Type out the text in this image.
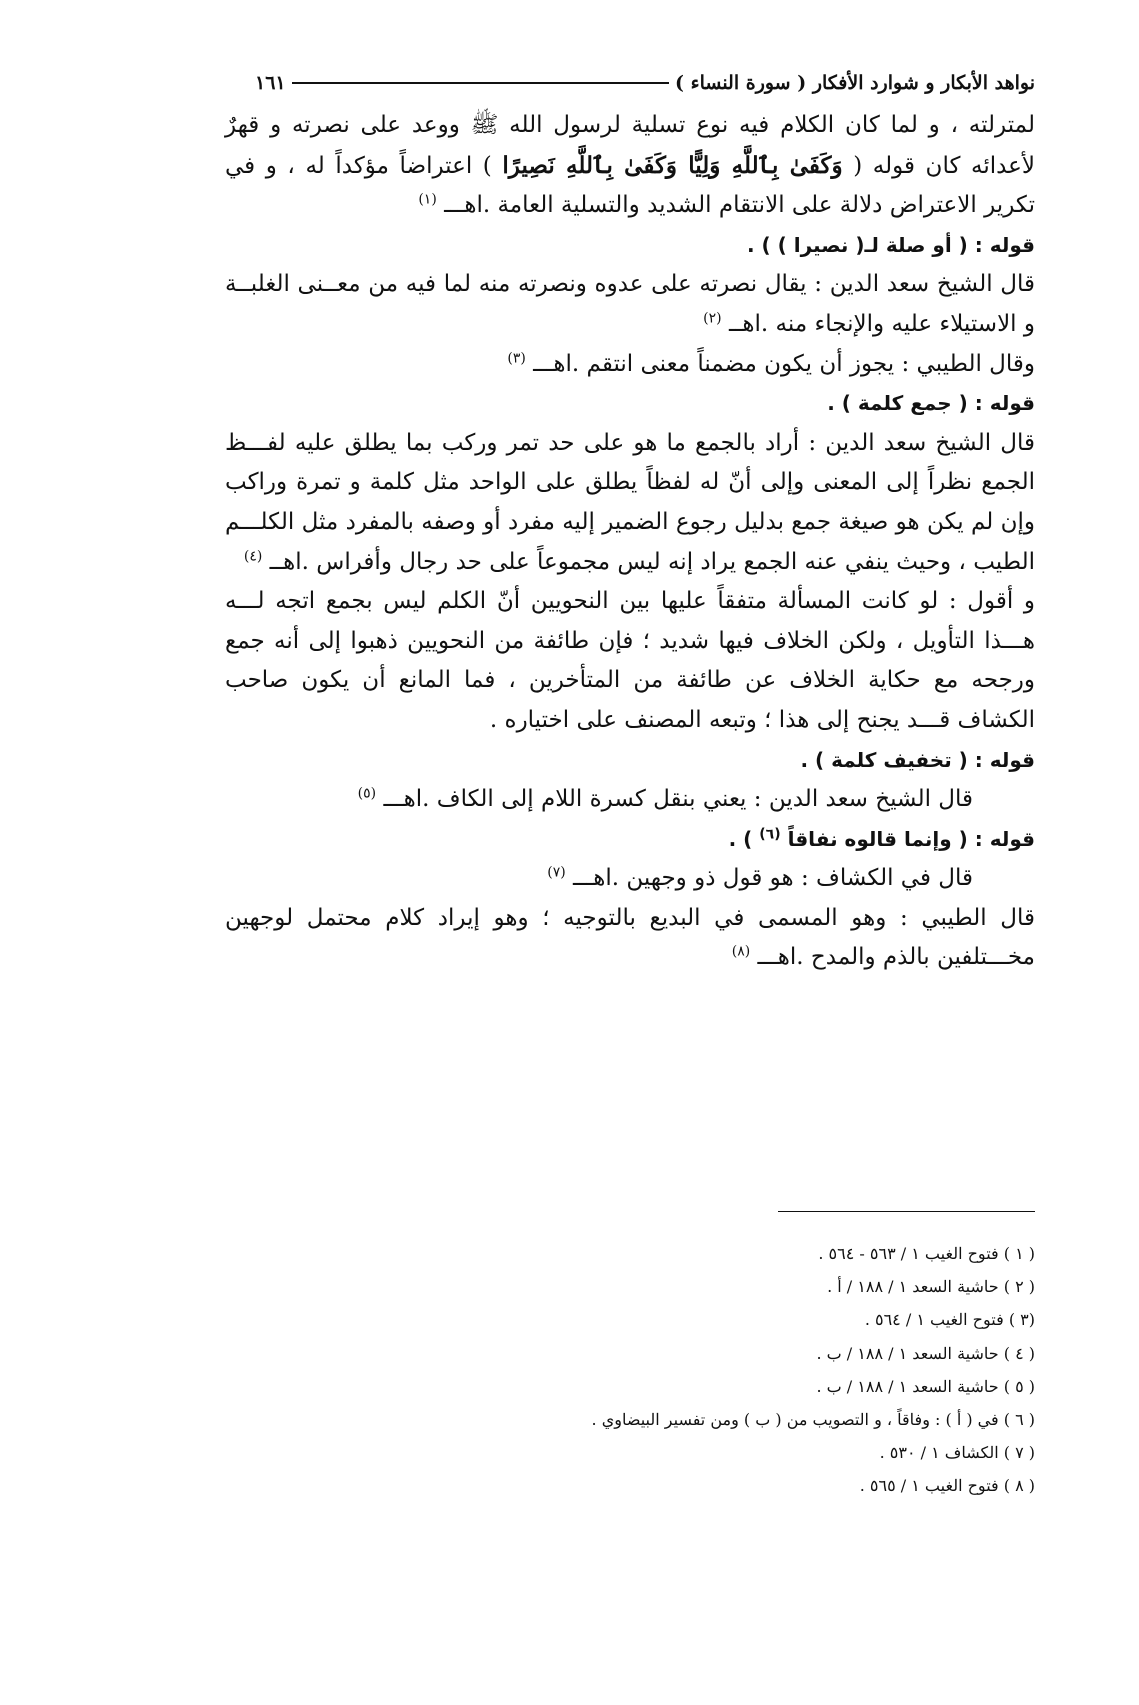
نواهد الأبكار و شوارد الأفكار ( سورة النساء )
١٦١

لمترلته ، و لما كان الكلام فيه نوع تسلية لرسول الله ﷺ ووعد على نصرته و قهرٌ لأعدائه كان قوله ( وَكَفَىٰ بِٱللَّهِ وَلِيًّا وَكَفَىٰ بِٱللَّهِ نَصِيرًا ) اعتراضاً مؤكداً له ، و في تكرير الاعتراض دلالة على الانتقام الشديد والتسلية العامة .اهـــ $^{(١)}$

قوله : ( أو صلة لـ( نصيرا ) ) .

قال الشيخ سعد الدين : يقال نصرته على عدوه ونصرته منه لما فيه من معــنى الغلبــة و الاستيلاء عليه والإنجاء منه .اهــ $^{(٢)}$

وقال الطيبي : يجوز أن يكون مضمناً معنى انتقم .اهـــ $^{(٣)}$

قوله : ( جمع كلمة ) .

قال الشيخ سعد الدين : أراد بالجمع ما هو على حد تمر وركب بما يطلق عليه لفـــظ الجمع نظراً إلى المعنى وإلى أنّ له لفظاً يطلق على الواحد مثل كلمة و تمرة وراكب وإن لم يكن هو صيغة جمع بدليل رجوع الضمير إليه مفرد أو وصفه بالمفرد مثل الكلـــم الطيب ، وحيث ينفي عنه الجمع يراد إنه ليس مجموعاً على حد رجال وأفراس .اهــ $^{(٤)}$

و أقول : لو كانت المسألة متفقاً عليها بين النحويين أنّ الكلم ليس بجمع اتجه لـــه هـــذا التأويل ، ولكن الخلاف فيها شديد ؛ فإن طائفة من النحويين ذهبوا إلى أنه جمع ورجحه مع حكاية الخلاف عن طائفة من المتأخرين ، فما المانع أن يكون صاحب الكشاف قـــد يجنح إلى هذا ؛ وتبعه المصنف على اختياره .

قوله : ( تخفيف كلمة ) .

قال الشيخ سعد الدين : يعني بنقل كسرة اللام إلى الكاف .اهـــ $^{(٥)}$

قوله : ( وإنما قالوه نفاقاً $^{(٦)}$ ) .

قال في الكشاف : هو قول ذو وجهين .اهـــ $^{(٧)}$

قال الطيبي : وهو المسمى في البديع بالتوجيه ؛ وهو إيراد كلام محتمل لوجهين مخـــتلفين بالذم والمدح .اهـــ $^{(٨)}$

( ١ ) فتوح الغيب ١ / ٥٦٣ - ٥٦٤ .
( ٢ ) حاشية السعد ١ / ١٨٨ / أ .
(٣ ) فتوح الغيب ١ / ٥٦٤ .
( ٤ ) حاشية السعد ١ / ١٨٨ / ب .
( ٥ ) حاشية السعد ١ / ١٨٨ / ب .
( ٦ ) في ( أ ) : وفاقاً ، و التصويب من ( ب ) ومن تفسير البيضاوي .
( ٧ ) الكشاف ١ / ٥٣٠ .
( ٨ ) فتوح الغيب ١ / ٥٦٥ .
